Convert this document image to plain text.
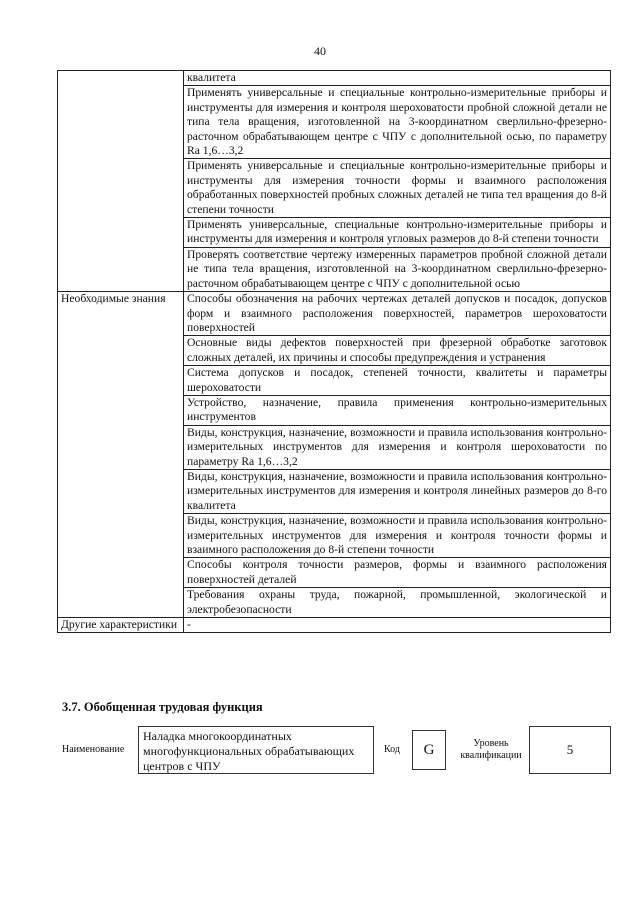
40

	квалитета

	Применять универсальные и специальные контрольно-измерительные приборы и инструменты для измерения и контроля шероховатости пробной сложной детали не типа тела вращения, изготовленной на 3-координатном сверлильно-фрезерно-расточном обрабатывающем центре с ЧПУ с дополнительной осью, по параметру Ra 1,6…3,2

	Применять универсальные и специальные контрольно-измерительные приборы и инструменты для измерения точности формы и взаимного расположения обработанных поверхностей пробных сложных деталей не типа тел вращения до 8-й степени точности

	Применять универсальные, специальные контрольно-измерительные приборы и инструменты для измерения и контроля угловых размеров до 8-й степени точности

	Проверять соответствие чертежу измеренных параметров пробной сложной детали не типа тела вращения, изготовленной на 3-координатном сверлильно-фрезерно-расточном обрабатывающем центре с ЧПУ с дополнительной осью

Необходимые знания	Способы обозначения на рабочих чертежах деталей допусков и посадок, допусков форм и взаимного расположения поверхностей, параметров шероховатости поверхностей

	Основные виды дефектов поверхностей при фрезерной обработке заготовок сложных деталей, их причины и способы предупреждения и устранения

	Система допусков и посадок, степеней точности, квалитеты и параметры шероховатости

	Устройство, назначение, правила применения контрольно-измерительных инструментов

	Виды, конструкция, назначение, возможности и правила использования контрольно-измерительных инструментов для измерения и контроля шероховатости по параметру Ra 1,6…3,2

	Виды, конструкция, назначение, возможности и правила использования контрольно-измерительных инструментов для измерения и контроля линейных размеров до 8-го квалитета

	Виды, конструкция, назначение, возможности и правила использования контрольно-измерительных инструментов для измерения и контроля точности формы и взаимного расположения до 8-й степени точности

	Способы контроля точности размеров, формы и взаимного расположения поверхностей деталей

	Требования охраны труда, пожарной, промышленной, экологической и электробезопасности

Другие характеристики	-
3.7. Обобщенная трудовая функция
Наименование
Наладка многокоординатных многофункциональных обрабатывающих центров с ЧПУ
Код	G	Уровень квалификации	5
